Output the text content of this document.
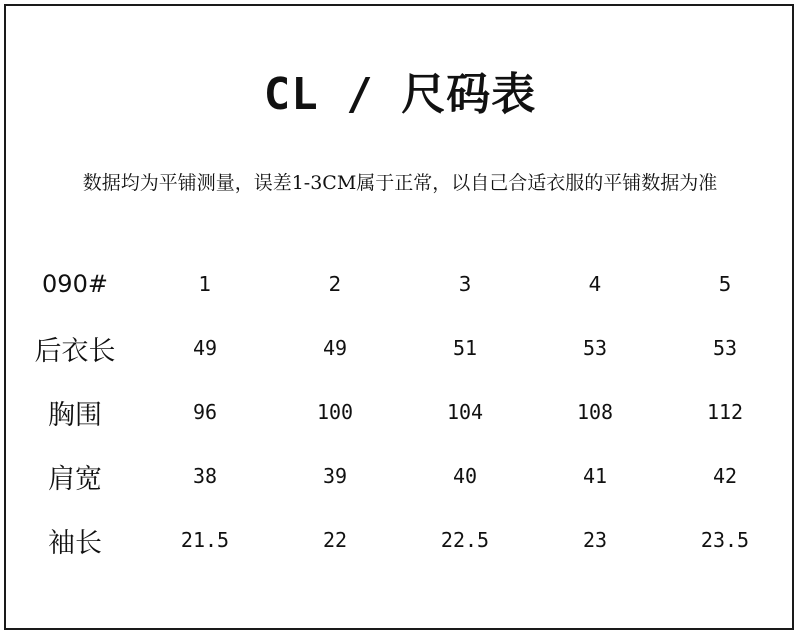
CL / 尺码表
数据均为平铺测量，误差1-3CM属于正常，以自己合适衣服的平铺数据为准
090#	1	2	3	4	5
后衣长	49	49	51	53	53
胸围	96	100	104	108	112
肩宽	38	39	40	41	42
袖长	21.5	22	22.5	23	23.5
